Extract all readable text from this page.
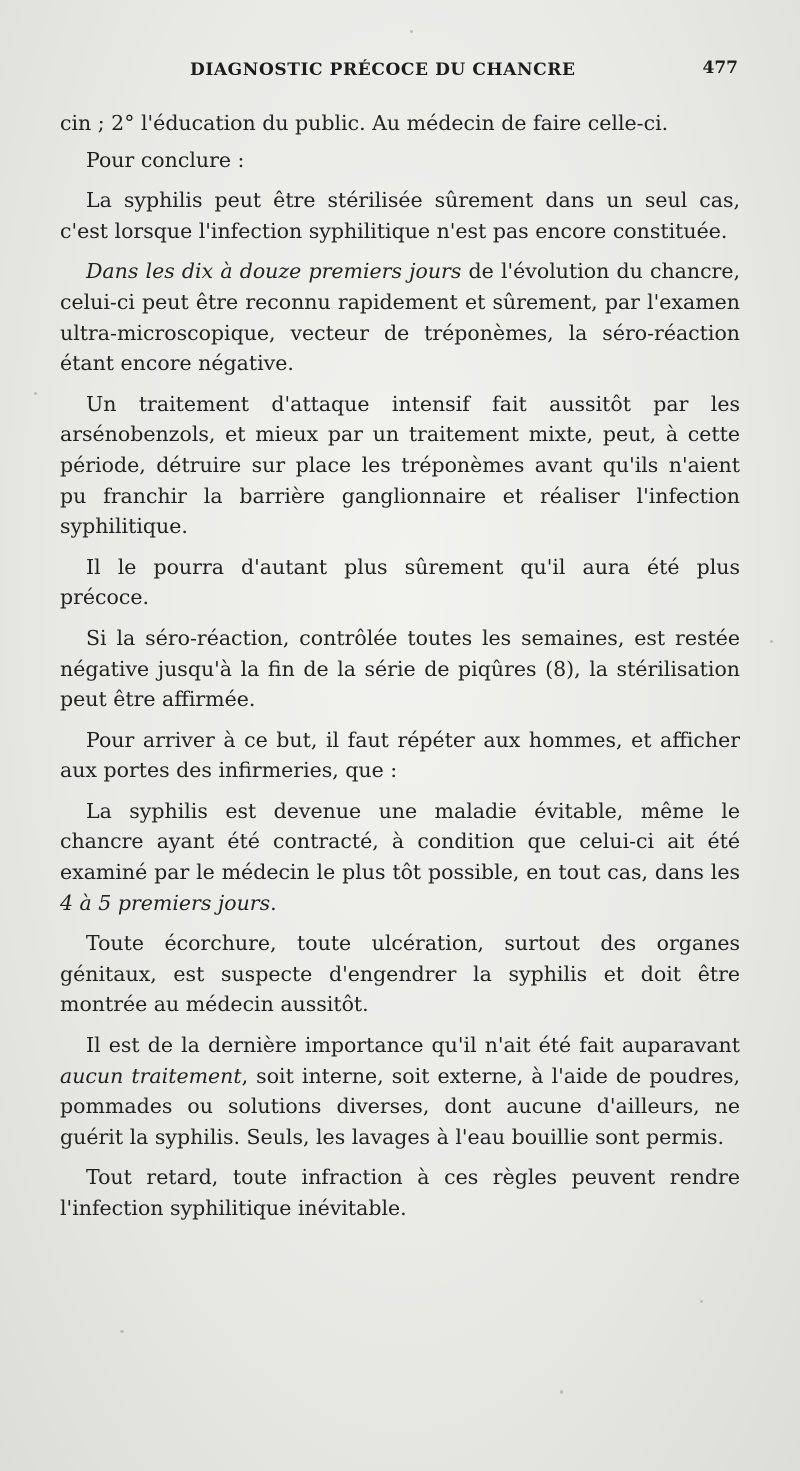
DIAGNOSTIC PRÉCOCE DU CHANCRE	477

cin ; 2° l'éducation du public. Au médecin de faire celle-ci.

Pour conclure :

La syphilis peut être stérilisée sûrement dans un seul cas, c'est lorsque l'infection syphilitique n'est pas encore constituée.

Dans les dix à douze premiers jours de l'évolution du chancre, celui-ci peut être reconnu rapidement et sûrement, par l'examen ultra-microscopique, vecteur de tréponèmes, la séro-réaction étant encore négative.

Un traitement d'attaque intensif fait aussitôt par les arsénobenzols, et mieux par un traitement mixte, peut, à cette période, détruire sur place les tréponèmes avant qu'ils n'aient pu franchir la barrière ganglionnaire et réaliser l'infection syphilitique.

Il le pourra d'autant plus sûrement qu'il aura été plus précoce.

Si la séro-réaction, contrôlée toutes les semaines, est restée négative jusqu'à la fin de la série de piqûres (8), la stérilisation peut être affirmée.

Pour arriver à ce but, il faut répéter aux hommes, et afficher aux portes des infirmeries, que :

La syphilis est devenue une maladie évitable, même le chancre ayant été contracté, à condition que celui-ci ait été examiné par le médecin le plus tôt possible, en tout cas, dans les 4 à 5 premiers jours.

Toute écorchure, toute ulcération, surtout des organes génitaux, est suspecte d'engendrer la syphilis et doit être montrée au médecin aussitôt.

Il est de la dernière importance qu'il n'ait été fait auparavant aucun traitement, soit interne, soit externe, à l'aide de poudres, pommades ou solutions diverses, dont aucune d'ailleurs, ne guérit la syphilis. Seuls, les lavages à l'eau bouillie sont permis.

Tout retard, toute infraction à ces règles peuvent rendre l'infection syphilitique inévitable.
